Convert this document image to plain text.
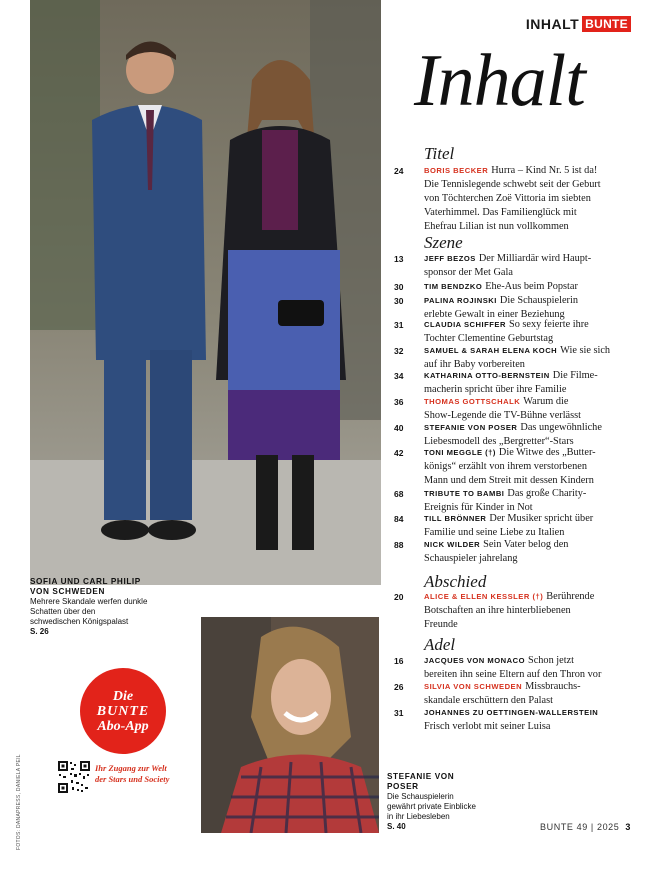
INHALT BUNTE
Inhalt
SOFIA UND CARL PHILIP
VON SCHWEDEN
Mehrere Skandale werfen dunkle
Schatten über den
schwedischen Königspalast
S. 26
STEFANIE VON
POSER
Die Schauspielerin
gewährt private Einblicke
in ihr Liebesleben
S. 40
Die
BUNTE
Abo-App
Ihr Zugang zur Welt
der Stars und Society
FOTOS: DANAPRESS, DANIELA PEIL
Titel
24	BORIS BECKER Hurra – Kind Nr. 5 ist da!
Die Tennislegende schwebt seit der Geburt
von Töchterchen Zoë Vittoria im siebten
Vaterhimmel. Das Familienglück mit
Ehefrau Lilian ist nun vollkommen
Szene
13	JEFF BEZOS Der Milliardär wird Haupt-
sponsor der Met Gala
30	TIM BENDZKO Ehe-Aus beim Popstar
30	PALINA ROJINSKI Die Schauspielerin
erlebte Gewalt in einer Beziehung
31	CLAUDIA SCHIFFER So sexy feierte ihre
Tochter Clementine Geburtstag
32	SAMUEL & SARAH ELENA KOCH Wie sie sich
auf ihr Baby vorbereiten
34	KATHARINA OTTO-BERNSTEIN Die Filme-
macherin spricht über ihre Familie
36	THOMAS GOTTSCHALK Warum die
Show-Legende die TV-Bühne verlässt
40	STEFANIE VON POSER Das ungewöhnliche
Liebesmodell des „Bergretter“-Stars
42	TONI MEGGLE (†) Die Witwe des „Butter-
königs“ erzählt von ihrem verstorbenen
Mann und dem Streit mit dessen Kindern
68	TRIBUTE TO BAMBI Das große Charity-
Ereignis für Kinder in Not
84	TILL BRÖNNER Der Musiker spricht über
Familie und seine Liebe zu Italien
88	NICK WILDER Sein Vater belog den
Schauspieler jahrelang
Abschied
20	ALICE & ELLEN KESSLER (†) Berührende
Botschaften an ihre hinterbliebenen
Freunde
Adel
16	JACQUES VON MONACO Schon jetzt
bereiten ihn seine Eltern auf den Thron vor
26	SILVIA VON SCHWEDEN Missbrauchs-
skandale erschüttern den Palast
31	JOHANNES ZU OETTINGEN-WALLERSTEIN
Frisch verlobt mit seiner Luisa
BUNTE 49 | 2025 3
